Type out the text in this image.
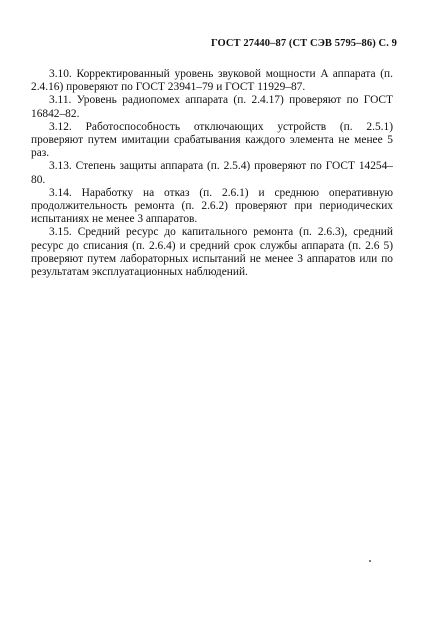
ГОСТ 27440–87 (СТ СЭВ 5795–86) С. 9

3.10. Корректированный уровень звуковой мощности A аппарата (п. 2.4.16) проверяют по ГОСТ 23941–79 и ГОСТ 11929–87.

3.11. Уровень радиопомех аппарата (п. 2.4.17) проверяют по ГОСТ 16842–82.

3.12. Работоспособность отключающих устройств (п. 2.5.1) проверяют путем имитации срабатывания каждого элемента не менее 5 раз.

3.13. Степень защиты аппарата (п. 2.5.4) проверяют по ГОСТ 14254–80.

3.14. Наработку на отказ (п. 2.6.1) и среднюю оперативную продолжительность ремонта (п. 2.6.2) проверяют при периодических испытаниях не менее 3 аппаратов.

3.15. Средний ресурс до капитального ремонта (п. 2.6.3), средний ресурс до списания (п. 2.6.4) и средний срок службы аппарата (п. 2.6 5) проверяют путем лабораторных испытаний не менее 3 аппаратов или по результатам эксплуатационных наблюдений.
